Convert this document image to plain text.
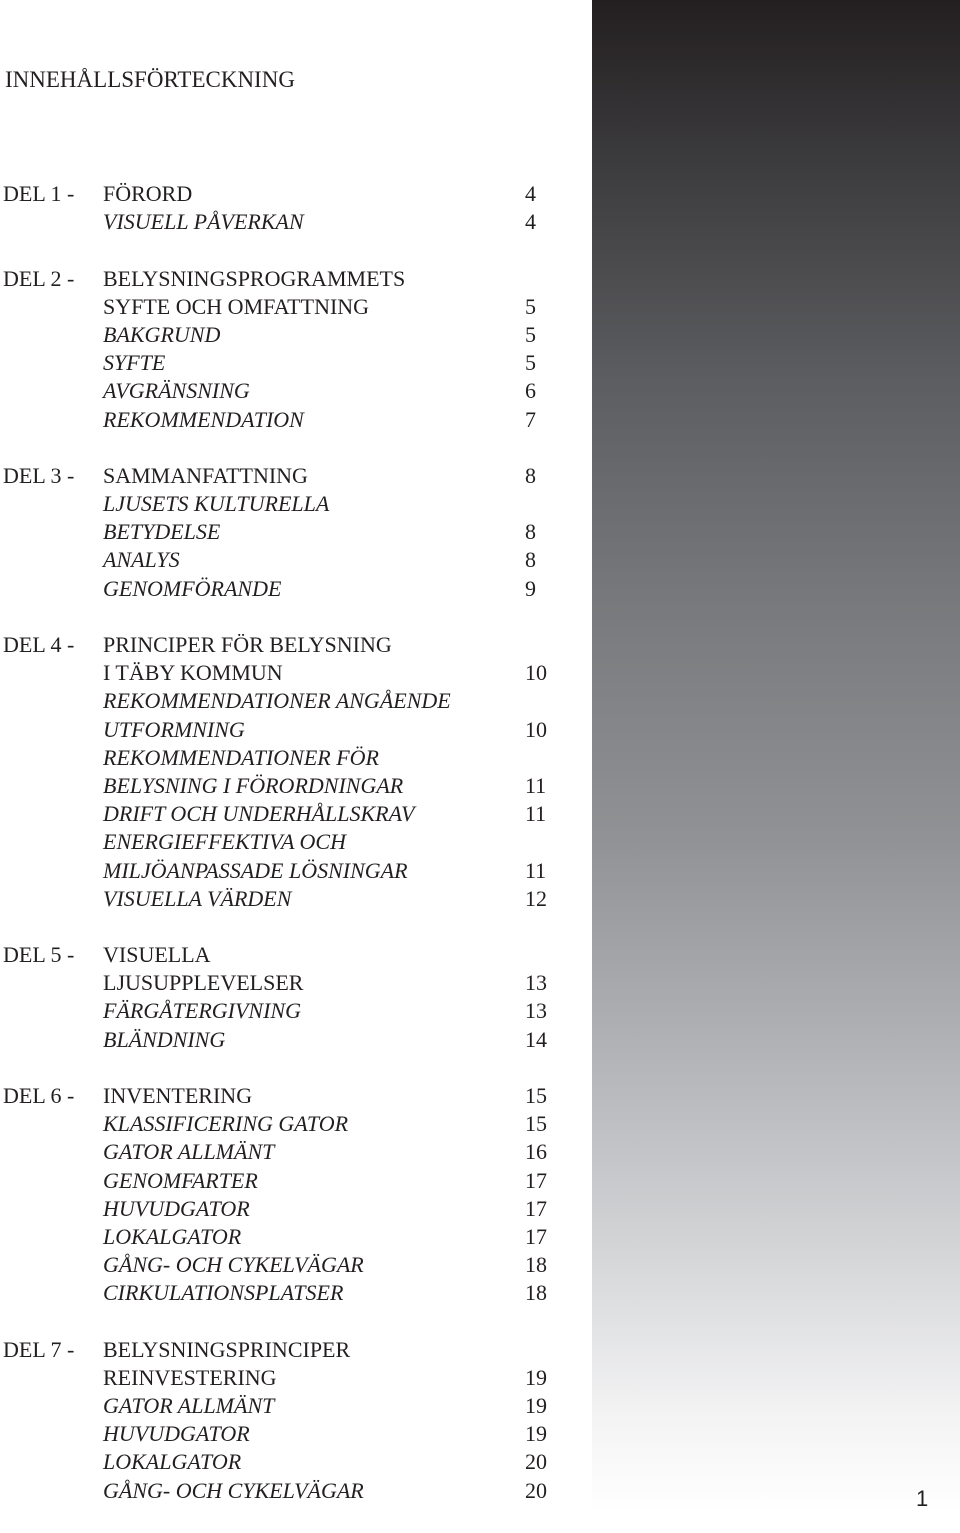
INNEHÅLLSFÖRTECKNING
DEL 1 - FÖRORD	4
VISUELL PÅVERKAN	4
DEL 2 - BELYSNINGSPROGRAMMETS
SYFTE OCH OMFATTNING	5
BAKGRUND	5
SYFTE	5
AVGRÄNSNING	6
REKOMMENDATION	7
DEL 3 - SAMMANFATTNING	8
LJUSETS KULTURELLA
BETYDELSE	8
ANALYS	8
GENOMFÖRANDE	9
DEL 4 - PRINCIPER FÖR BELYSNING
I TÄBY KOMMUN	10
REKOMMENDATIONER ANGÅENDE
UTFORMNING	10
REKOMMENDATIONER FÖR
BELYSNING I FÖRORDNINGAR	11
DRIFT OCH UNDERHÅLLSKRAV	11
ENERGIEFFEKTIVA OCH
MILJÖANPASSADE LÖSNINGAR	11
VISUELLA VÄRDEN	12
DEL 5 - VISUELLA
LJUSUPPLEVELSER	13
FÄRGÅTERGIVNING	13
BLÄNDNING	14
DEL 6 - INVENTERING	15
KLASSIFICERING GATOR	15
GATOR ALLMÄNT	16
GENOMFARTER	17
HUVUDGATOR	17
LOKALGATOR	17
GÅNG- OCH CYKELVÄGAR	18
CIRKULATIONSPLATSER	18
DEL 7 - BELYSNINGSPRINCIPER
REINVESTERING	19
GATOR ALLMÄNT	19
HUVUDGATOR	19
LOKALGATOR	20
GÅNG- OCH CYKELVÄGAR	20	1
